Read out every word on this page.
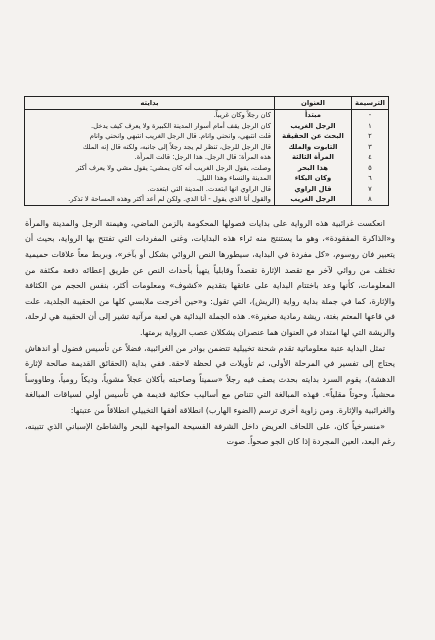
الترسيمة	العنوان	بدايته
-	مبتدأ	كان رجلاً وكان غريباً.
١	الرجل الغريب	كان الرجل يقف أمام أسوار المدينة الكبيرة ولا يعرف كيف يدخل.
٢	البحث عن الحقيقة	قلت انتبهي، وانحني وانام. قال الرجل الغريب انتبهي وانحني وانام
٣	التابوت والملك	قال الرجل للرجل، تنظر لم يجد رجلاً إلى جانبه، ولكنه قال إنه الملك
٤	المرأة الثالثة	هذه المرأة: قال الرجل. هذا الرجل: قالت المرأة.
٥	هذا البحر	وصلت، يقول الرجل الغريب أنه كان يمشي: يقول مشي ولا يعرف أكثر
٦	وكان البكاء	المدينة والنساء وهذا الليل.
٧	قال الراوي	قال الراوي انها ابتعدت. المدينة التي ابتعدت.
٨	الرجل الغريب	والقول أنا الذي يقول - أنا الذي. ولكن لم أعد أكثر وهذه المساحة لا تذكر.

انعكست غرائبية هذه الرواية على بدايات فصولها المحكومة بالزمن الماضي، وهيمنة الرجل والمدينة والمرأة و«الذاكرة المفقودة»، وهو ما يستنتج منه ثراء هذه البدايات، وغنى المفردات التي تفتتح بها الرواية، بحيث أن يتعبير فان روسوم، «كل مفردة في البداية، سيطورها النص الروائي بشكل أو بآخر»، وبربط معاً علاقات حميمية تختلف من روائي لآخر مع تقصد الإثارة تقصداً وقابلياً يتهيأ بأحداث النص عن طريق إعطائه دفعة مكثفة من المعلومات، كأنها وعد باختتام البداية على عاتقها بتقديم «كشوف» ومعلومات أكثر، بنفس الحجم من الكثافة والإثارة، كما في جملة بداية رواية (الريش)، التي تقول: و«حين أخرجت ملابسي كلها من الحقيبة الجلدية، علت في قاعها المعتم بغتة، ريشة رمادية صغيرة». هذه الجملة البدائية هي لعبة مرآتية تشير إلى أن الحقيبة هي لرحلة، والريشة التي لها امتداد في العنوان هما عنصران يشكلان عصب الرواية برمتها.

تمثل البداية عتبة معلوماتية تقدم شحنة تخييلية تتضمن بوادر من الغرائبية، فضلاً عن تأسيس فضول أو اندهاش يحتاج إلى تفسير في المرحلة الأولى، ثم تأويلات في لحظة لاحقة. ففي بداية (الحقائق القديمة صالحة لإثارة الدهشة)، يقوم السرد بدايته بحدث يصف فيه رجلاً «سميناً وصاحبته بأكلان عجلاً مشوياً، وديكاً رومياً، وطاووساً محشياً، وحوتاً مقلياً». فهذه المبالغة التي تتناص مع أساليب حكائية قديمة هي تأسيس أولي لسياقات المبالغة والغرائبية والإثارة. ومن زاوية أخرى ترسم (الضوء الهارب) انطلاقة أفقها التخييلي انطلاقاً من عتبتها:

«منسرخياً كان، على اللحاف العريض داخل الشرفة الفسيحة المواجهة للبحر والشاطئ الإسباني الذي تتبينه، رغم البعد، العين المجردة إذا كان الجو صحواً. صوت
